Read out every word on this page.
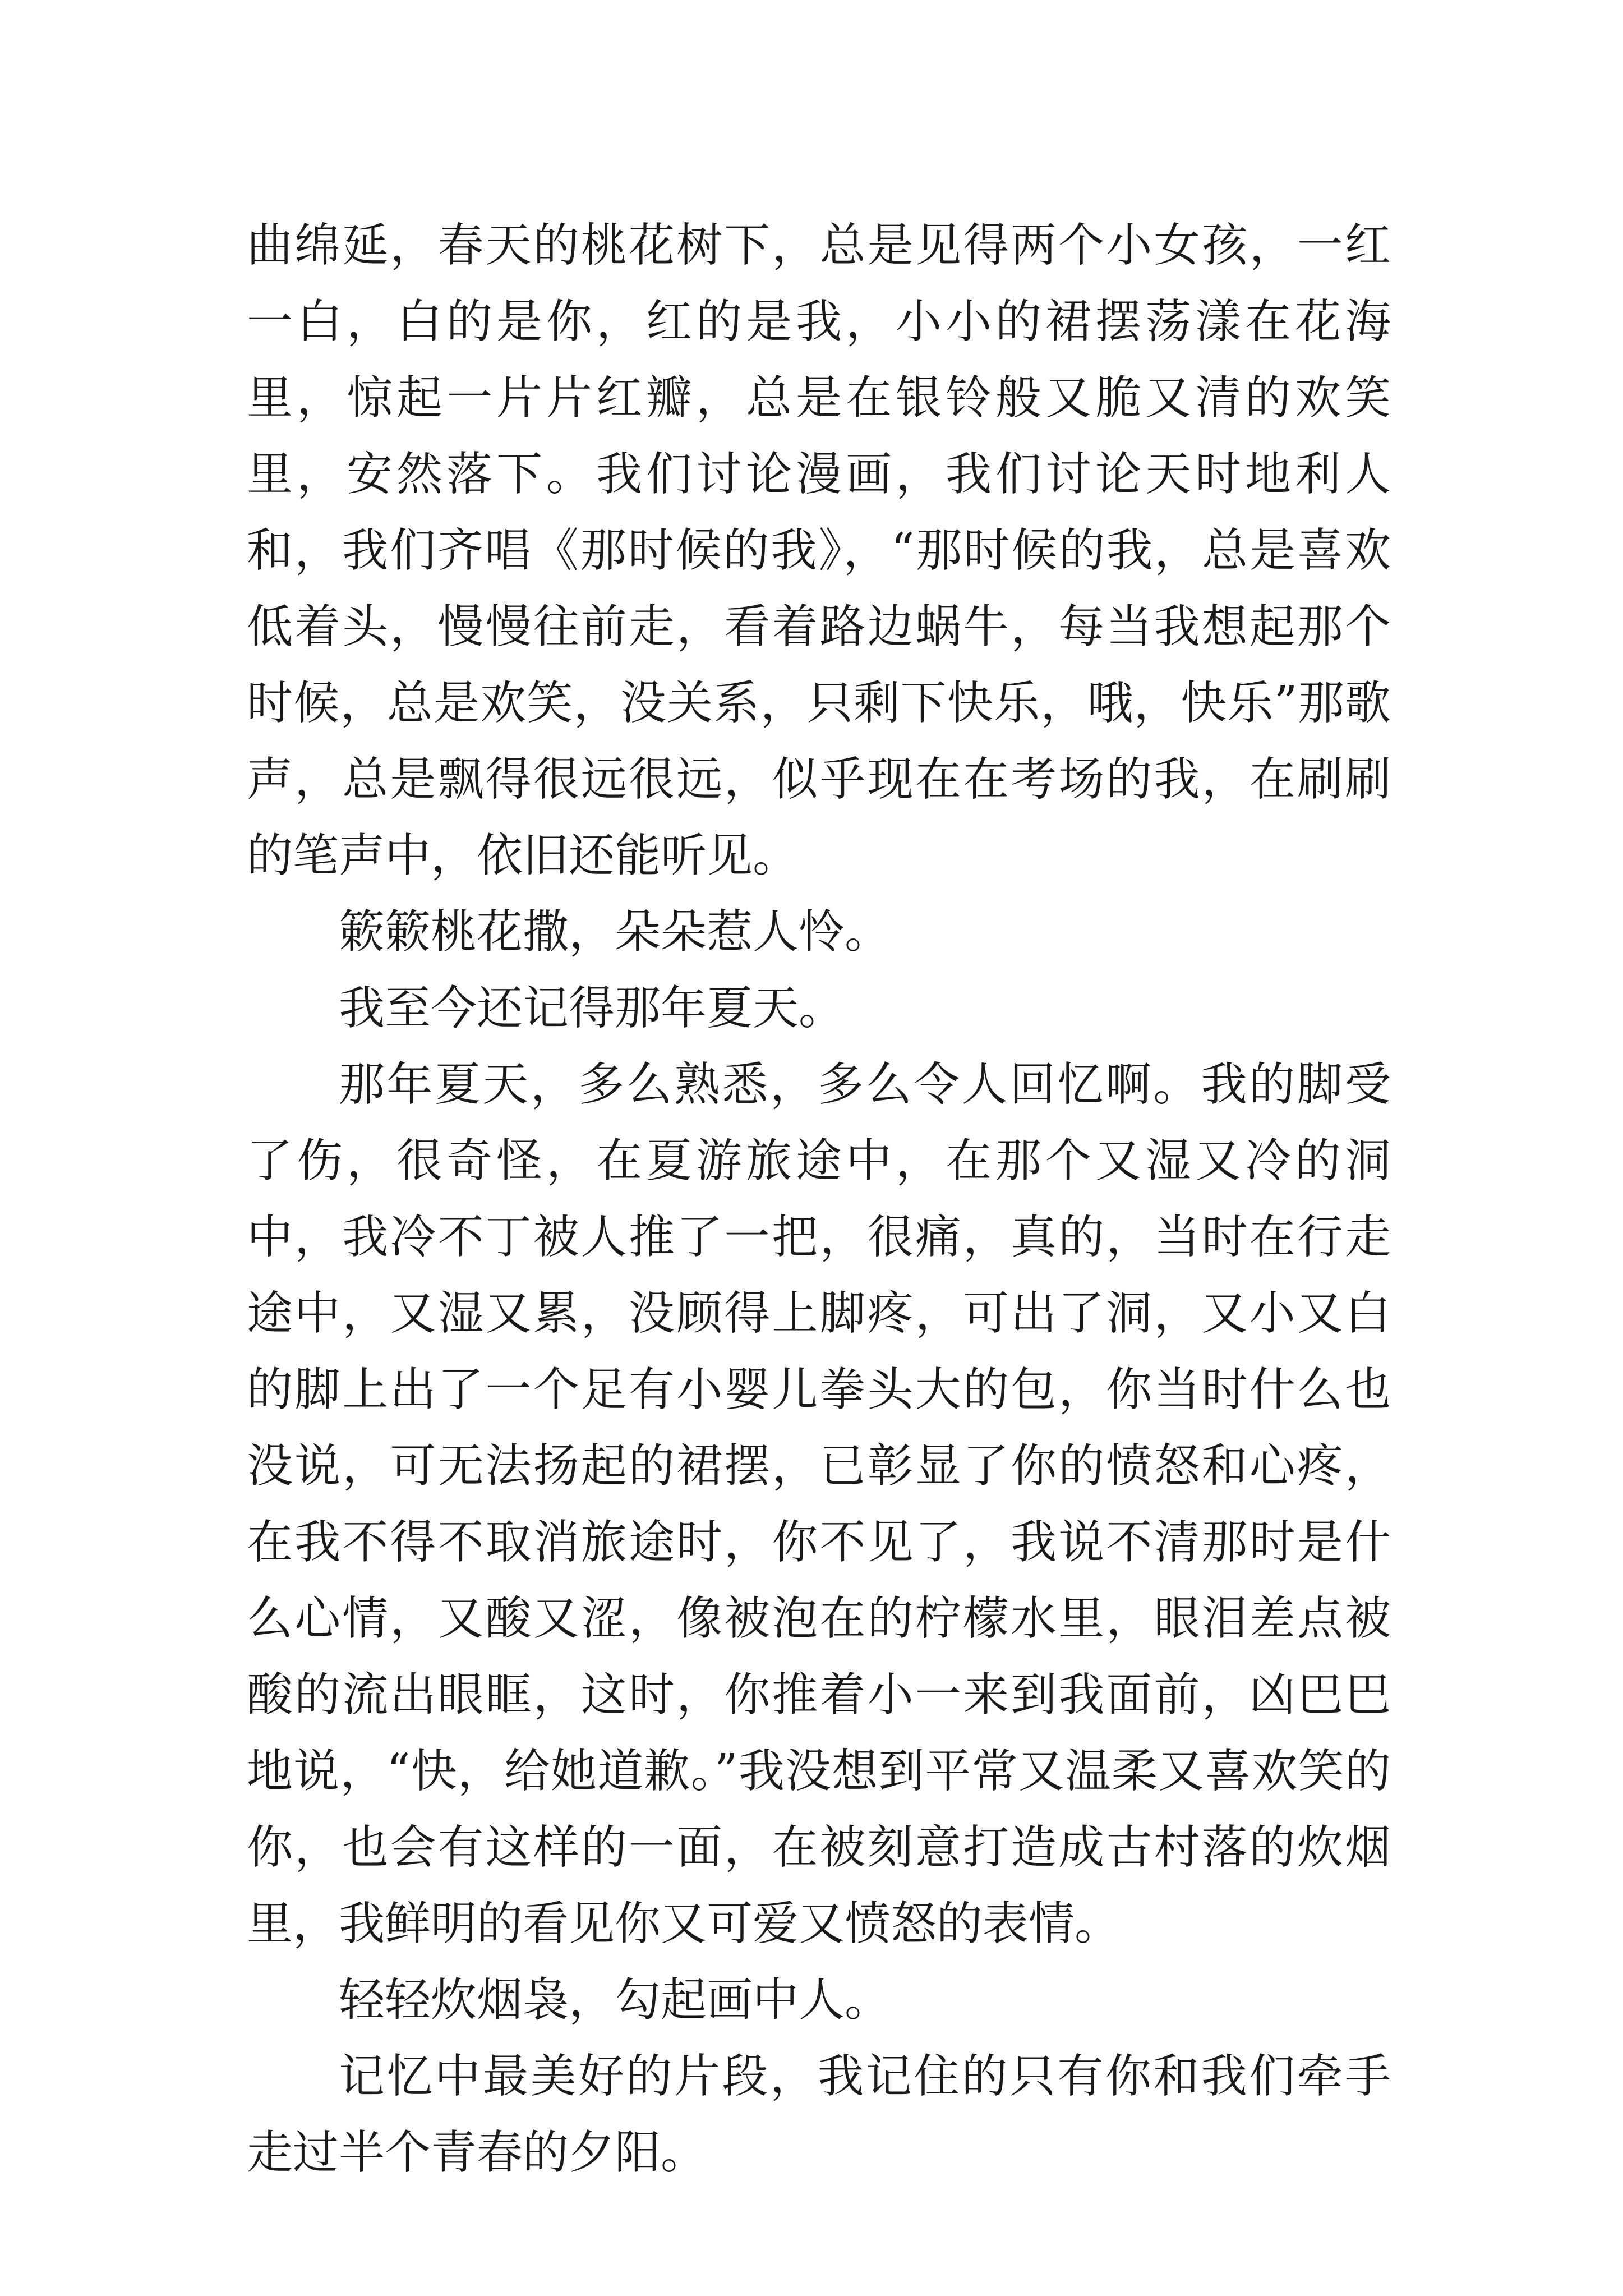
曲绵延，春天的桃花树下，总是见得两个小女孩，一红一白，白的是你，红的是我，小小的裙摆荡漾在花海里，惊起一片片红瓣，总是在银铃般又脆又清的欢笑里，安然落下。我们讨论漫画，我们讨论天时地利人和，我们齐唱《那时候的我》，“那时候的我，总是喜欢低着头，慢慢往前走，看着路边蜗牛，每当我想起那个时候，总是欢笑，没关系，只剩下快乐，哦，快乐”那歌声，总是飘得很远很远，似乎现在在考场的我，在刷刷的笔声中，依旧还能听见。

簌簌桃花撒，朵朵惹人怜。

我至今还记得那年夏天。

那年夏天，多么熟悉，多么令人回忆啊。我的脚受了伤，很奇怪，在夏游旅途中，在那个又湿又冷的洞中，我冷不丁被人推了一把，很痛，真的，当时在行走途中，又湿又累，没顾得上脚疼，可出了洞，又小又白的脚上出了一个足有小婴儿拳头大的包，你当时什么也没说，可无法扬起的裙摆，已彰显了你的愤怒和心疼，在我不得不取消旅途时，你不见了，我说不清那时是什么心情，又酸又涩，像被泡在的柠檬水里，眼泪差点被酸的流出眼眶，这时，你推着小一来到我面前，凶巴巴地说，“快，给她道歉。”我没想到平常又温柔又喜欢笑的你，也会有这样的一面，在被刻意打造成古村落的炊烟里，我鲜明的看见你又可爱又愤怒的表情。

轻轻炊烟袅，勾起画中人。

记忆中最美好的片段，我记住的只有你和我们牵手走过半个青春的夕阳。
